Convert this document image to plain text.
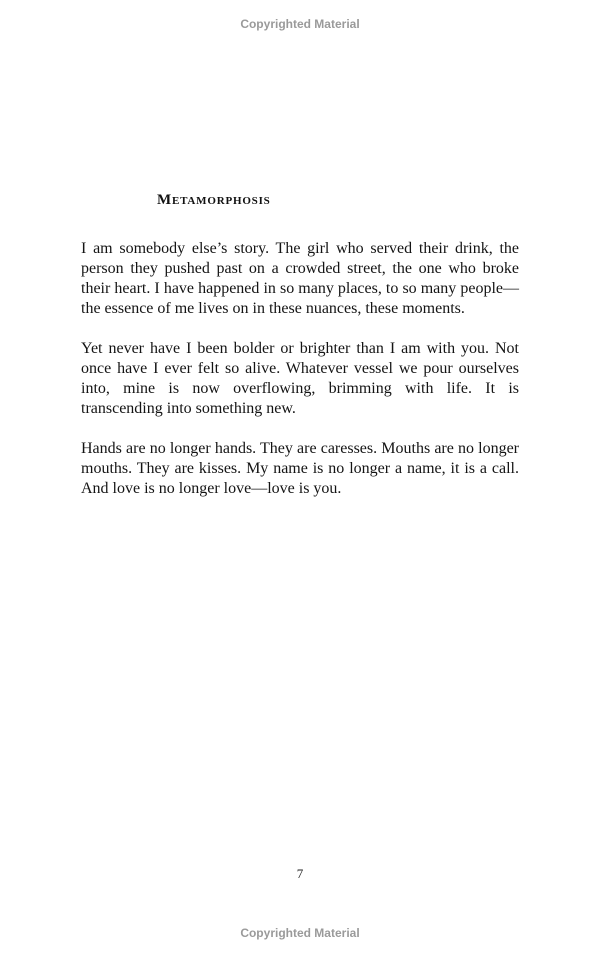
Copyrighted Material
Metamorphosis

I am somebody else’s story. The girl who served their drink, the person they pushed past on a crowded street, the one who broke their heart. I have happened in so many places, to so many people—the essence of me lives on in these nuances, these moments.

Yet never have I been bolder or brighter than I am with you. Not once have I ever felt so alive. Whatever vessel we pour ourselves into, mine is now overflowing, brimming with life. It is transcending into something new.

Hands are no longer hands. They are caresses. Mouths are no longer mouths. They are kisses. My name is no longer a name, it is a call. And love is no longer love—love is you.

7
Copyrighted Material
